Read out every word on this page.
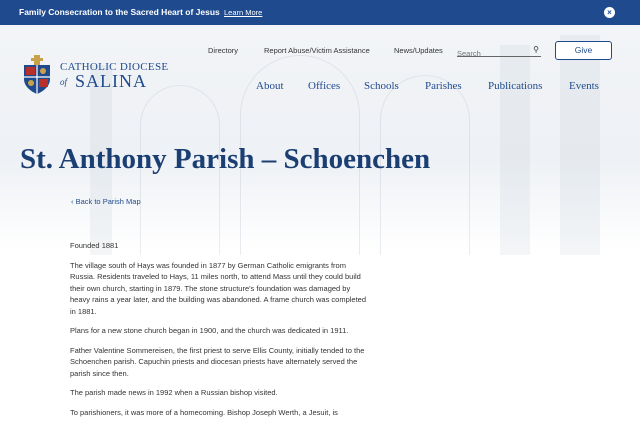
Family Consecration to the Sacred Heart of Jesus Learn More	×
CATHOLIC DIOCESE
of SALINA
Directory	Report Abuse/Victim Assistance	News/Updates
Search	⚲	Give
About Offices Schools Parishes Publications Events
St. Anthony Parish – Schoenchen
‹ Back to Parish Map

Founded 1881

The village south of Hays was founded in 1877 by German Catholic emigrants from Russia. Residents traveled to Hays, 11 miles north, to attend Mass until they could build their own church, starting in 1879. The stone structure's foundation was damaged by heavy rains a year later, and the building was abandoned. A frame church was completed in 1881.

Plans for a new stone church began in 1900, and the church was dedicated in 1911.

Father Valentine Sommereisen, the first priest to serve Ellis County, initially tended to the Schoenchen parish. Capuchin priests and diocesan priests have alternately served the parish since then.

The parish made news in 1992 when a Russian bishop visited.

To parishioners, it was more of a homecoming. Bishop Joseph Werth, a Jesuit, is
